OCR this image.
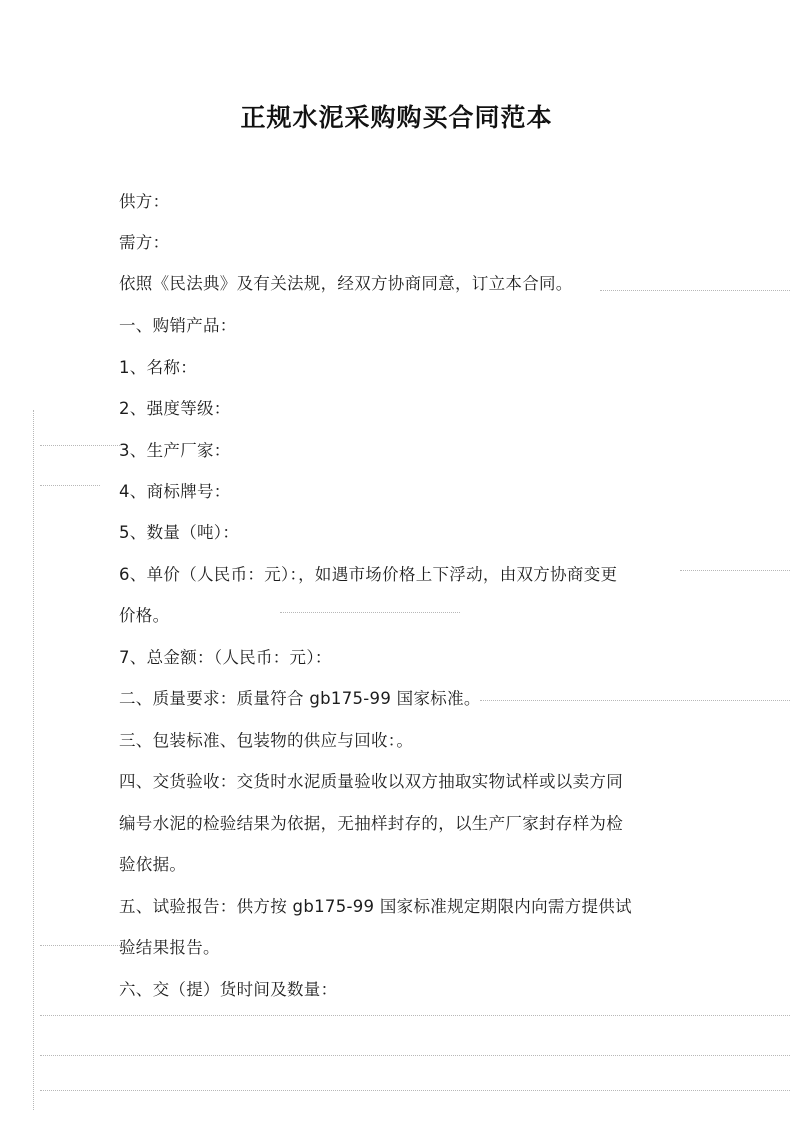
正规水泥采购购买合同范本
供方：
需方：
依照《民法典》及有关法规，经双方协商同意，订立本合同。
一、购销产品：
1、名称：
2、强度等级：
3、生产厂家：
4、商标牌号：
5、数量（吨）：
6、单价（人民币：元）：，如遇市场价格上下浮动，由双方协商变更
价格。
7、总金额：（人民币：元）：
二、质量要求：质量符合 gb175-99 国家标准。
三、包装标准、包装物的供应与回收：。
四、交货验收：交货时水泥质量验收以双方抽取实物试样或以卖方同
编号水泥的检验结果为依据，无抽样封存的，以生产厂家封存样为检
验依据。
五、试验报告：供方按 gb175-99 国家标准规定期限内向需方提供试
验结果报告。
六、交（提）货时间及数量：
